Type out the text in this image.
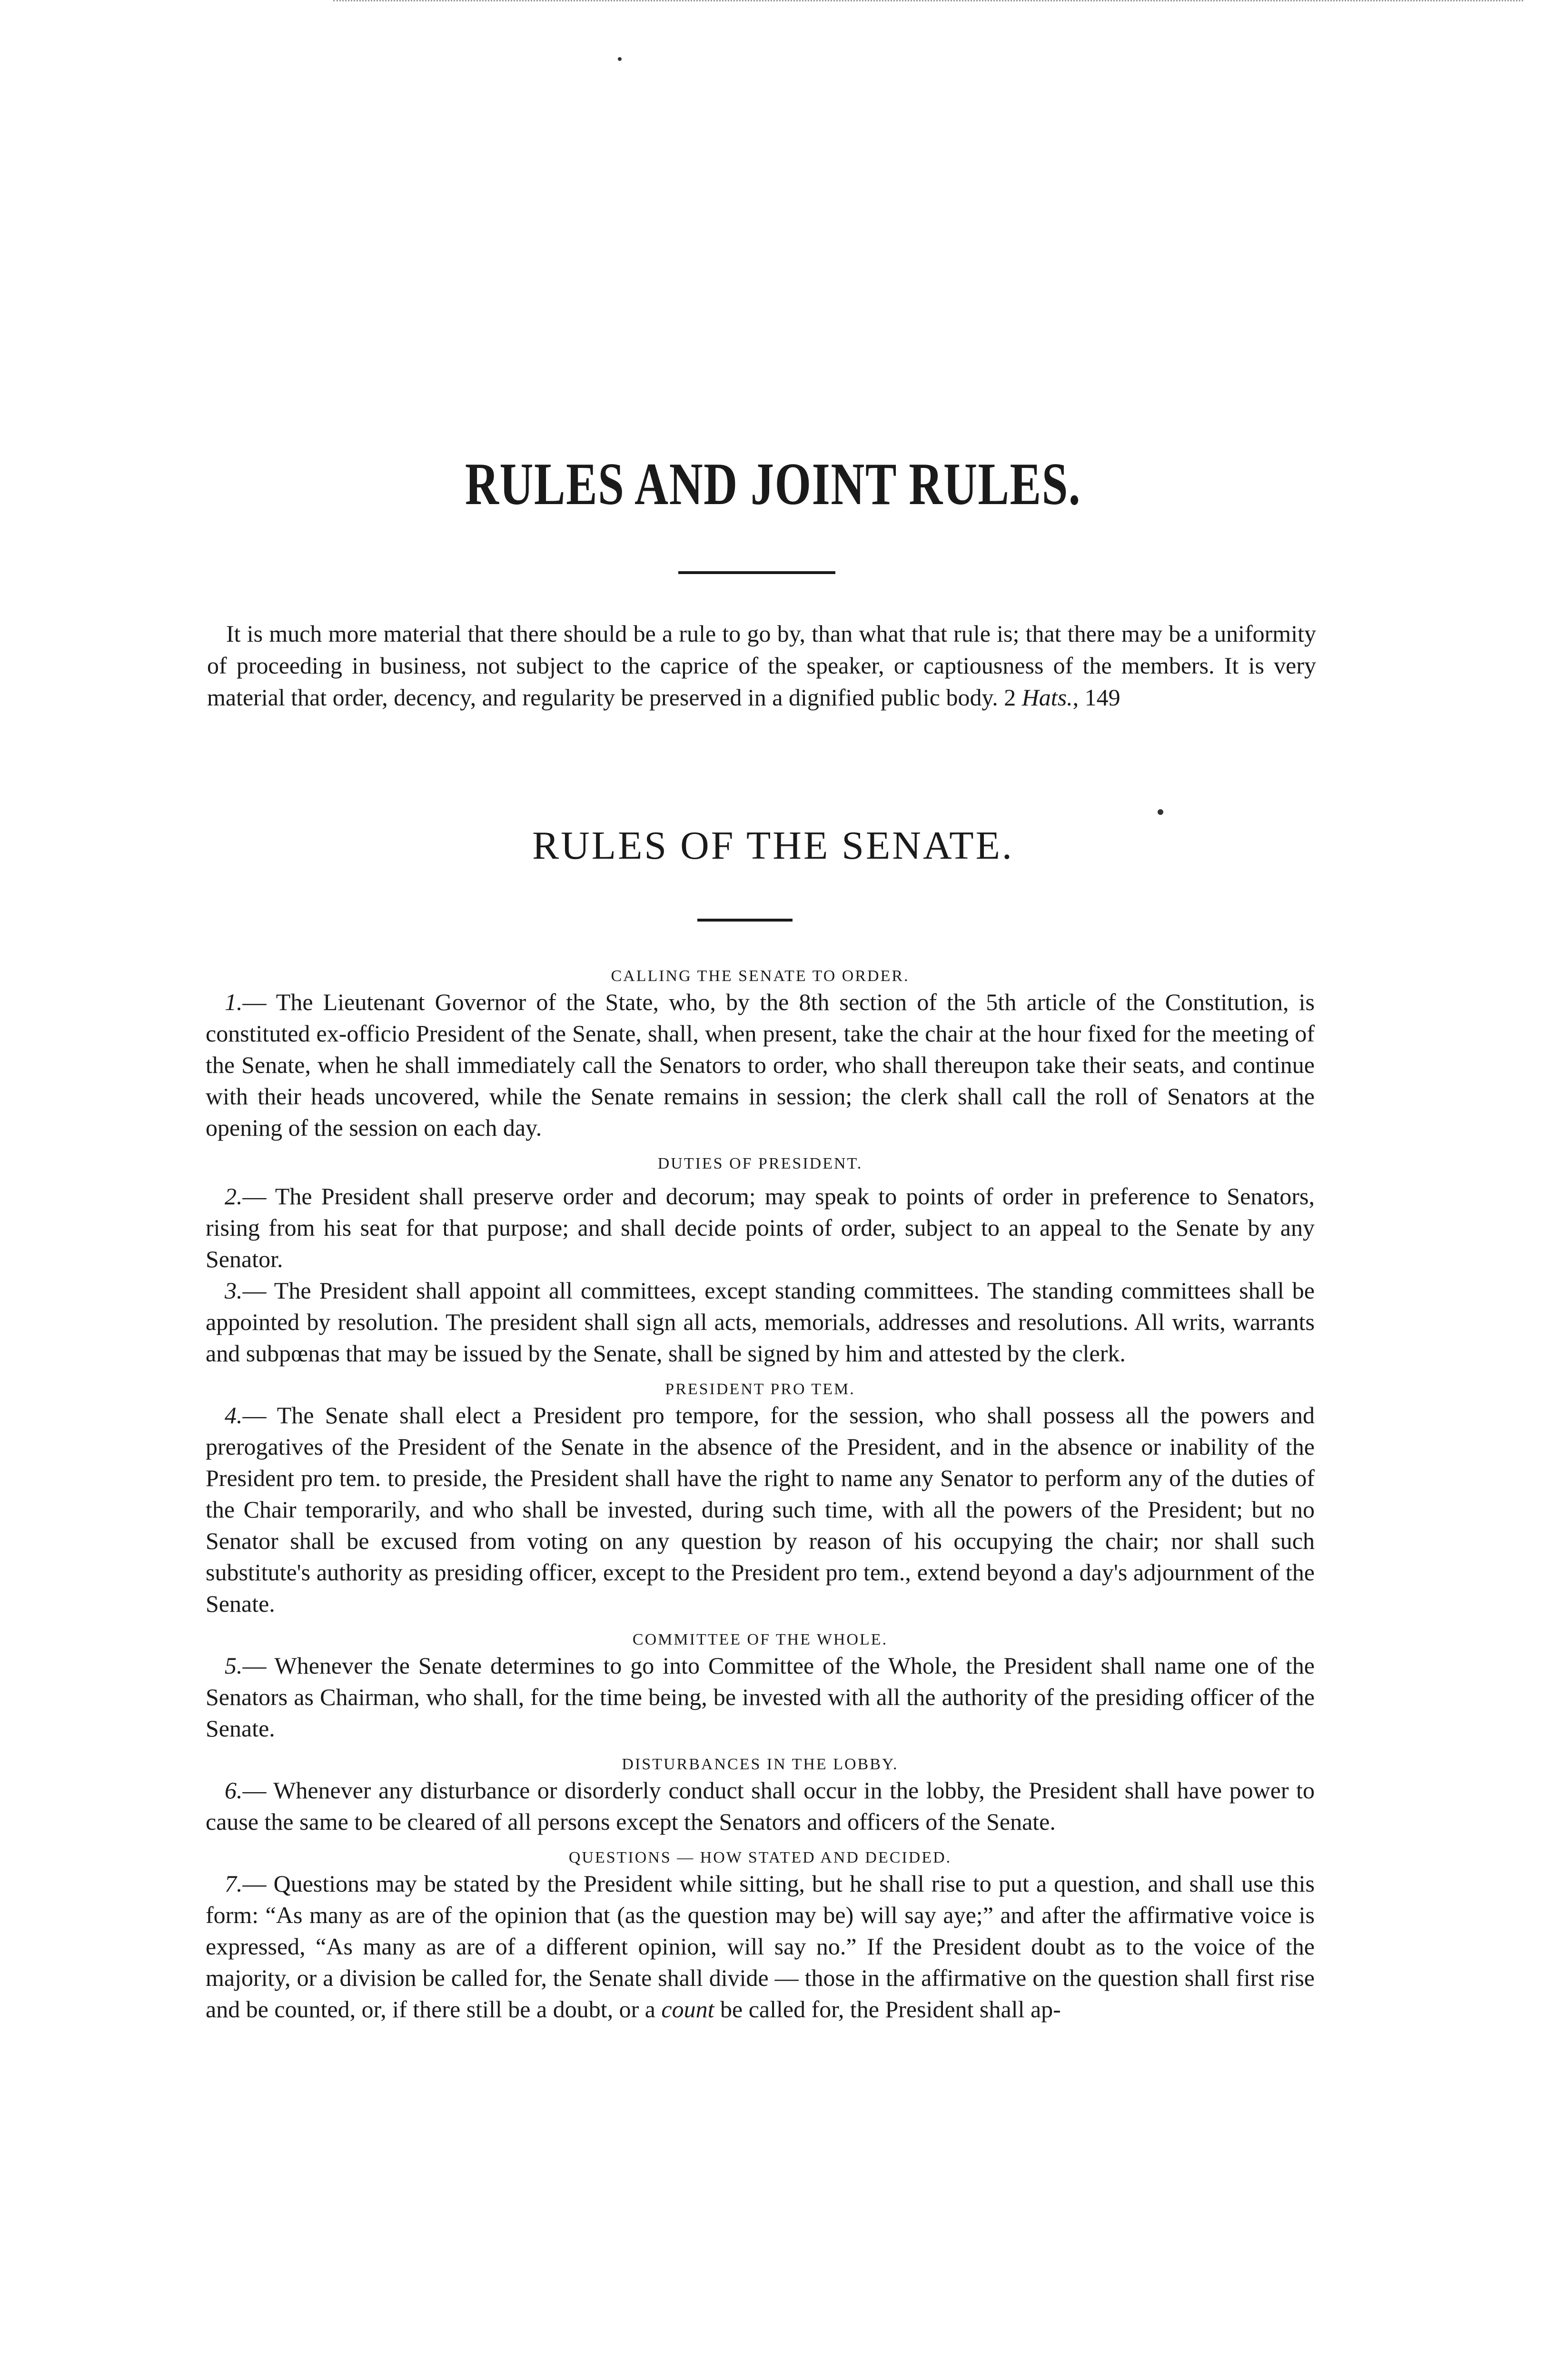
RULES AND JOINT RULES.

It is much more material that there should be a rule to go by, than what that rule is; that there may be a uniformity of proceeding in business, not subject to the caprice of the speaker, or captiousness of the members. It is very material that order, decency, and regularity be preserved in a dignified public body. 2 Hats., 149

RULES OF THE SENATE.
CALLING THE SENATE TO ORDER.

1.— The Lieutenant Governor of the State, who, by the 8th section of the 5th article of the Constitution, is constituted ex-officio President of the Senate, shall, when present, take the chair at the hour fixed for the meeting of the Senate, when he shall immediately call the Senators to order, who shall thereupon take their seats, and continue with their heads uncovered, while the Senate remains in session; the clerk shall call the roll of Senators at the opening of the session on each day.

DUTIES OF PRESIDENT.

2.— The President shall preserve order and decorum; may speak to points of order in preference to Senators, rising from his seat for that purpose; and shall decide points of order, subject to an appeal to the Senate by any Senator.

3.— The President shall appoint all committees, except standing committees. The standing committees shall be appointed by resolution. The president shall sign all acts, memorials, addresses and resolutions. All writs, warrants and subpœnas that may be issued by the Senate, shall be signed by him and attested by the clerk.

PRESIDENT PRO TEM.

4.— The Senate shall elect a President pro tempore, for the session, who shall possess all the powers and prerogatives of the President of the Senate in the absence of the President, and in the absence or inability of the President pro tem. to preside, the President shall have the right to name any Senator to perform any of the duties of the Chair temporarily, and who shall be invested, during such time, with all the powers of the President; but no Senator shall be excused from voting on any question by reason of his occupying the chair; nor shall such substitute's authority as presiding officer, except to the President pro tem., extend beyond a day's adjournment of the Senate.

COMMITTEE OF THE WHOLE.

5.— Whenever the Senate determines to go into Committee of the Whole, the President shall name one of the Senators as Chairman, who shall, for the time being, be invested with all the authority of the presiding officer of the Senate.

DISTURBANCES IN THE LOBBY.

6.— Whenever any disturbance or disorderly conduct shall occur in the lobby, the President shall have power to cause the same to be cleared of all persons except the Senators and officers of the Senate.

QUESTIONS — HOW STATED AND DECIDED.

7.— Questions may be stated by the President while sitting, but he shall rise to put a question, and shall use this form: “As many as are of the opinion that (as the question may be) will say aye;” and after the affirmative voice is expressed, “As many as are of a different opinion, will say no.” If the President doubt as to the voice of the majority, or a division be called for, the Senate shall divide — those in the affirmative on the question shall first rise and be counted, or, if there still be a doubt, or a count be called for, the President shall ap-
